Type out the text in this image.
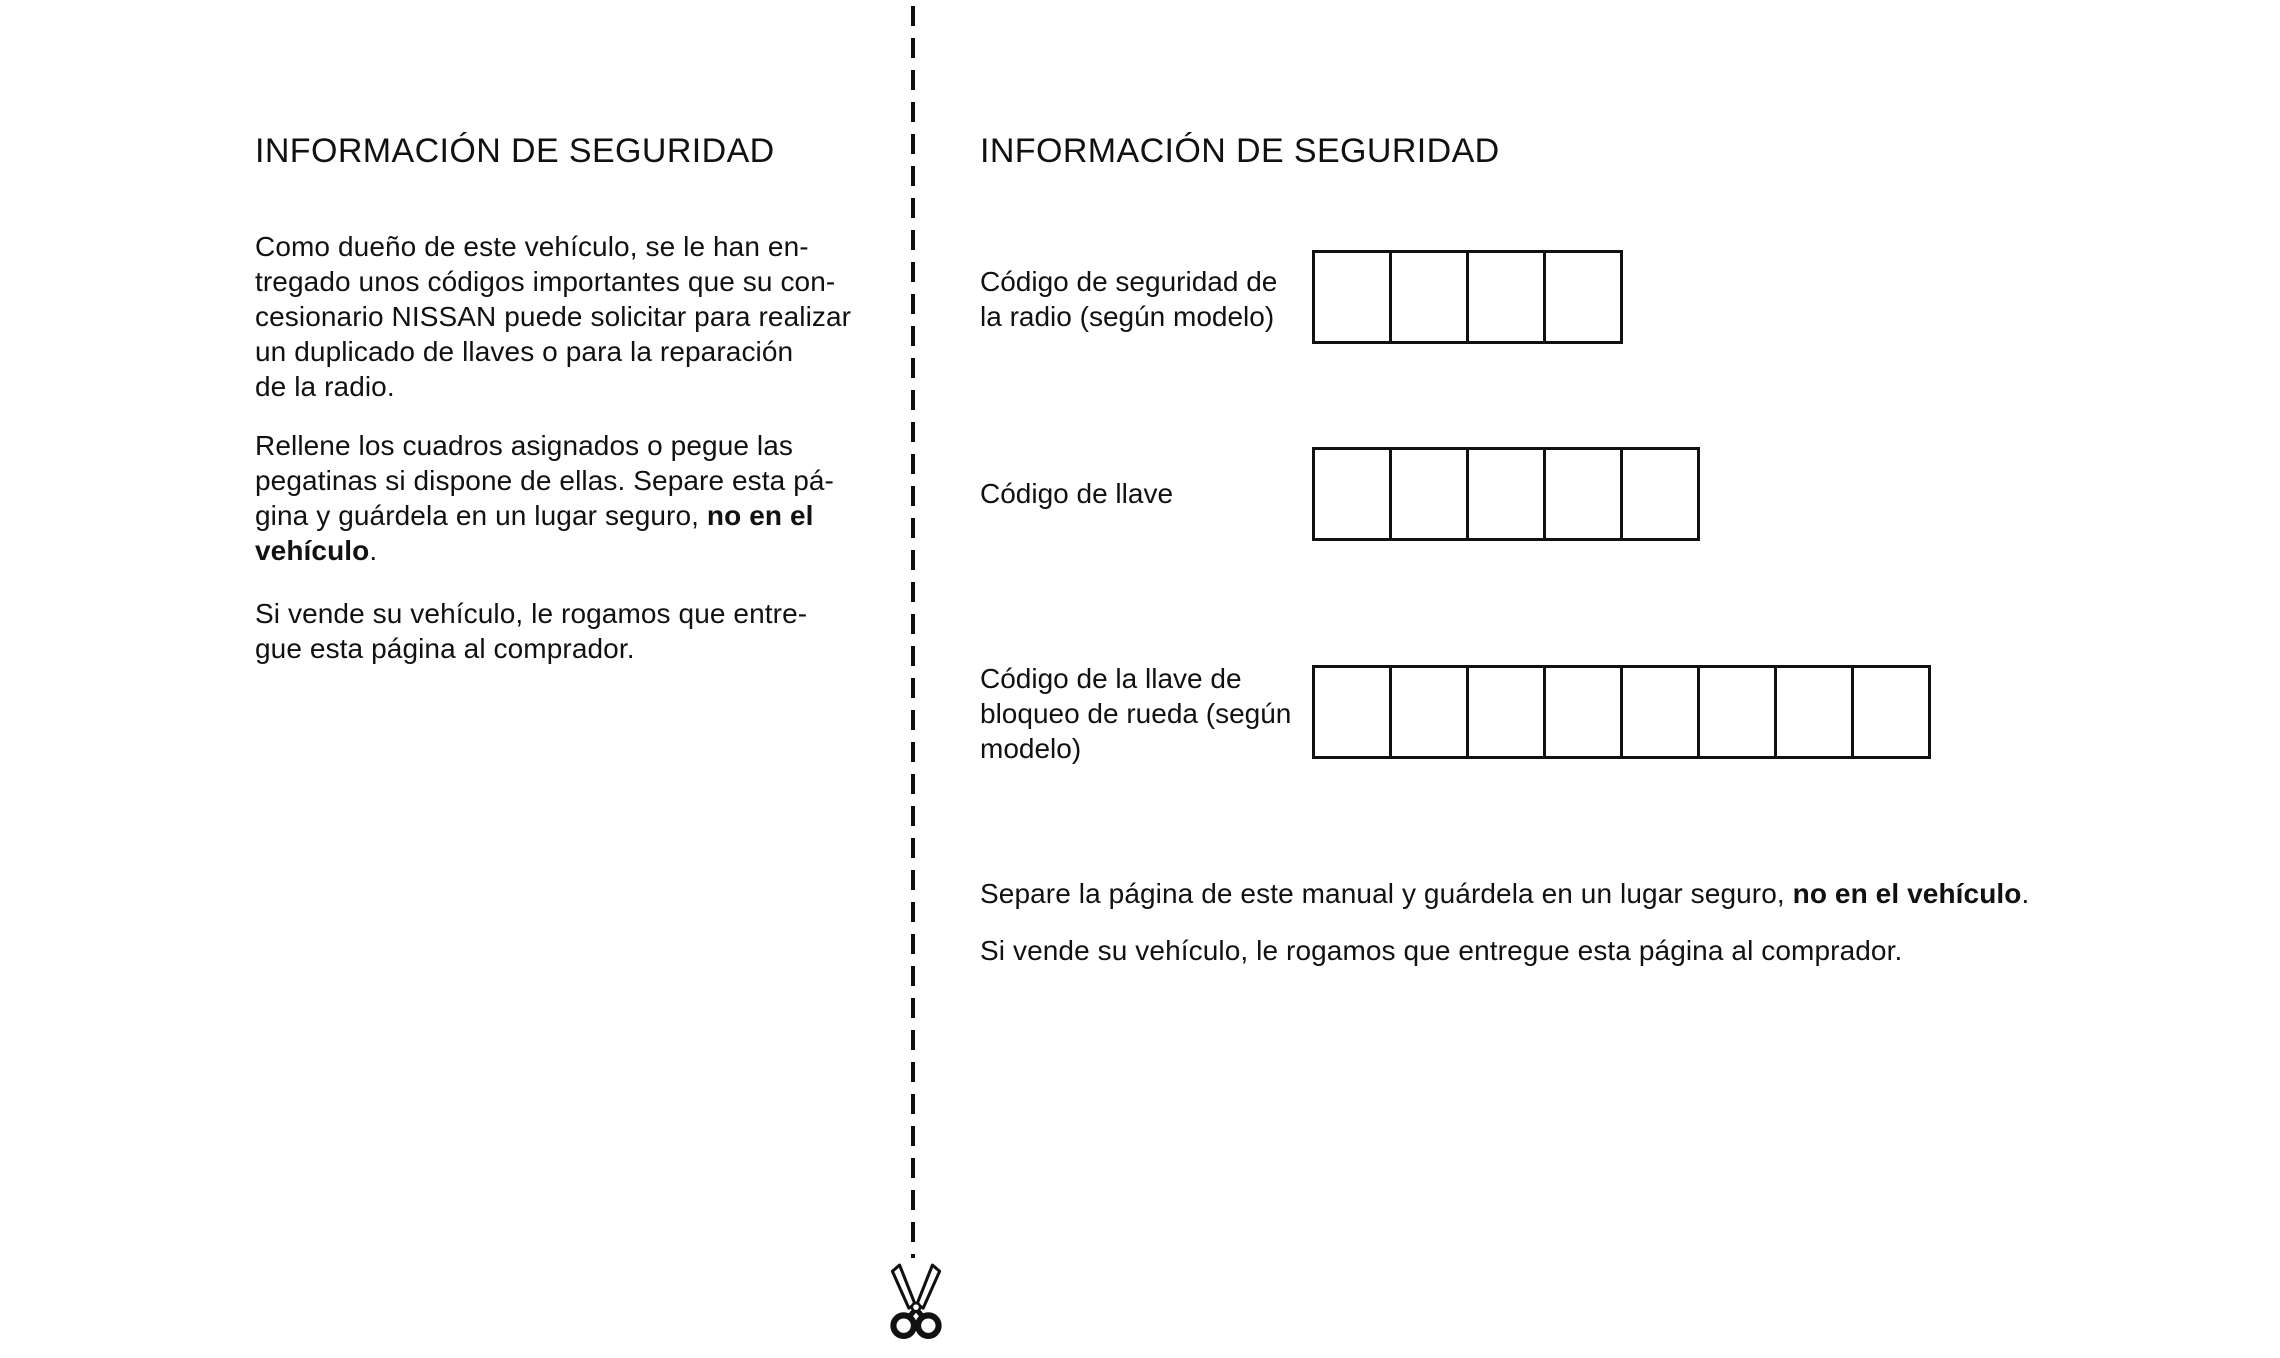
INFORMACIÓN DE SEGURIDAD
Como dueño de este vehículo, se le han en-
tregado unos códigos importantes que su con-
cesionario NISSAN puede solicitar para realizar
un duplicado de llaves o para la reparación
de la radio.
Rellene los cuadros asignados o pegue las
pegatinas si dispone de ellas. Separe esta pá-
gina y guárdela en un lugar seguro, no en el
vehículo.
Si vende su vehículo, le rogamos que entre-
gue esta página al comprador.
INFORMACIÓN DE SEGURIDAD
Código de seguridad de
la radio (según modelo)
Código de llave
Código de la llave de
bloqueo de rueda (según
modelo)
Separe la página de este manual y guárdela en un lugar seguro, no en el vehículo.
Si vende su vehículo, le rogamos que entregue esta página al comprador.
